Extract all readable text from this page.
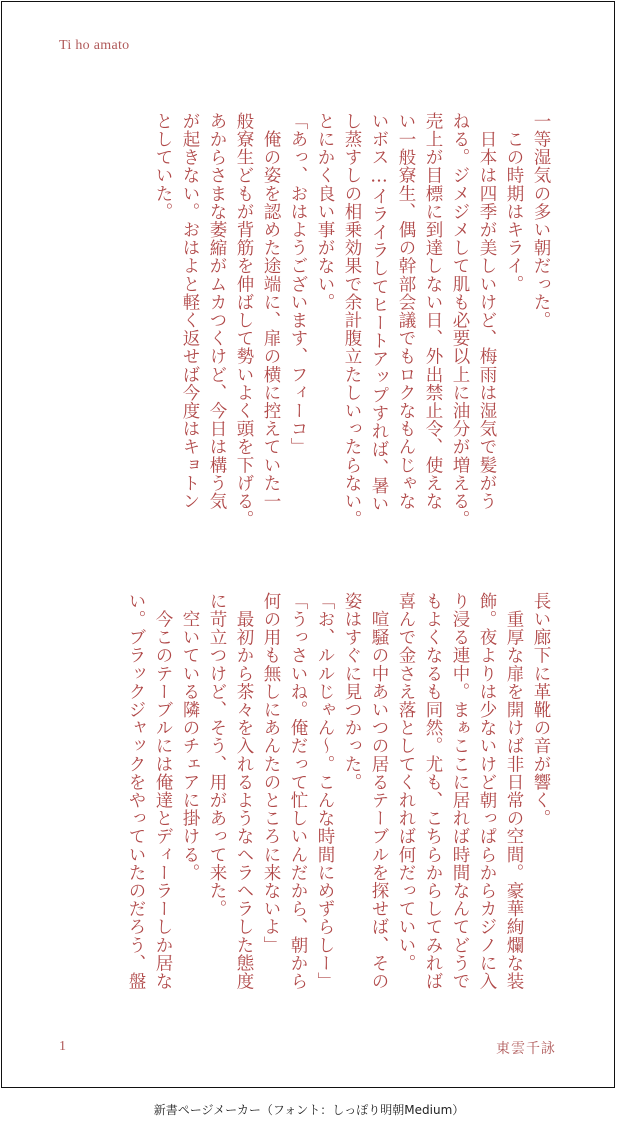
Ti ho amato

一等湿気の多い朝だった。

　この時期はキライ。

　日本は四季が美しいけど、梅雨は湿気で髪がう

ねる。ジメジメして肌も必要以上に油分が増える。

売上が目標に到達しない日、外出禁止令、使えな

い一般寮生、偶の幹部会議でもロクなもんじゃな

いボス…イライラしてヒートアップすれば、暑い

し蒸すしの相乗効果で余計腹立たしいったらない。

とにかく良い事がない。

「あっ、おはようございます、フィーコ」

　俺の姿を認めた途端に、扉の横に控えていた一

般寮生どもが背筋を伸ばして勢いよく頭を下げる。

あからさまな萎縮がムカつくけど、今日は構う気

が起きない。おはよと軽く返せば今度はキョトン

としていた。

長い廊下に革靴の音が響く。

　重厚な扉を開けば非日常の空間。豪華絢爛な装

飾。夜よりは少ないけど朝っぱらからカジノに入

り浸る連中。まぁここに居れば時間なんてどうで

もよくなるも同然。尤も、こちらからしてみれば

喜んで金さえ落としてくれれば何だっていい。

　喧騒の中あいつの居るテーブルを探せば、その

姿はすぐに見つかった。

「お、ルルじゃん〜。こんな時間にめずらしー」

「うっさいね。俺だって忙しいんだから、朝から

何の用も無しにあんたのところに来ないよ」

　最初から茶々を入れるようなヘラヘラした態度

に苛立つけど、そう、用があって来た。

　空いている隣のチェアに掛ける。

　今このテーブルには俺達とディーラーしか居な

い。ブラックジャックをやっていたのだろう、盤

1	東雲千詠
新書ページメーカー（フォント：しっぽり明朝Medium）
